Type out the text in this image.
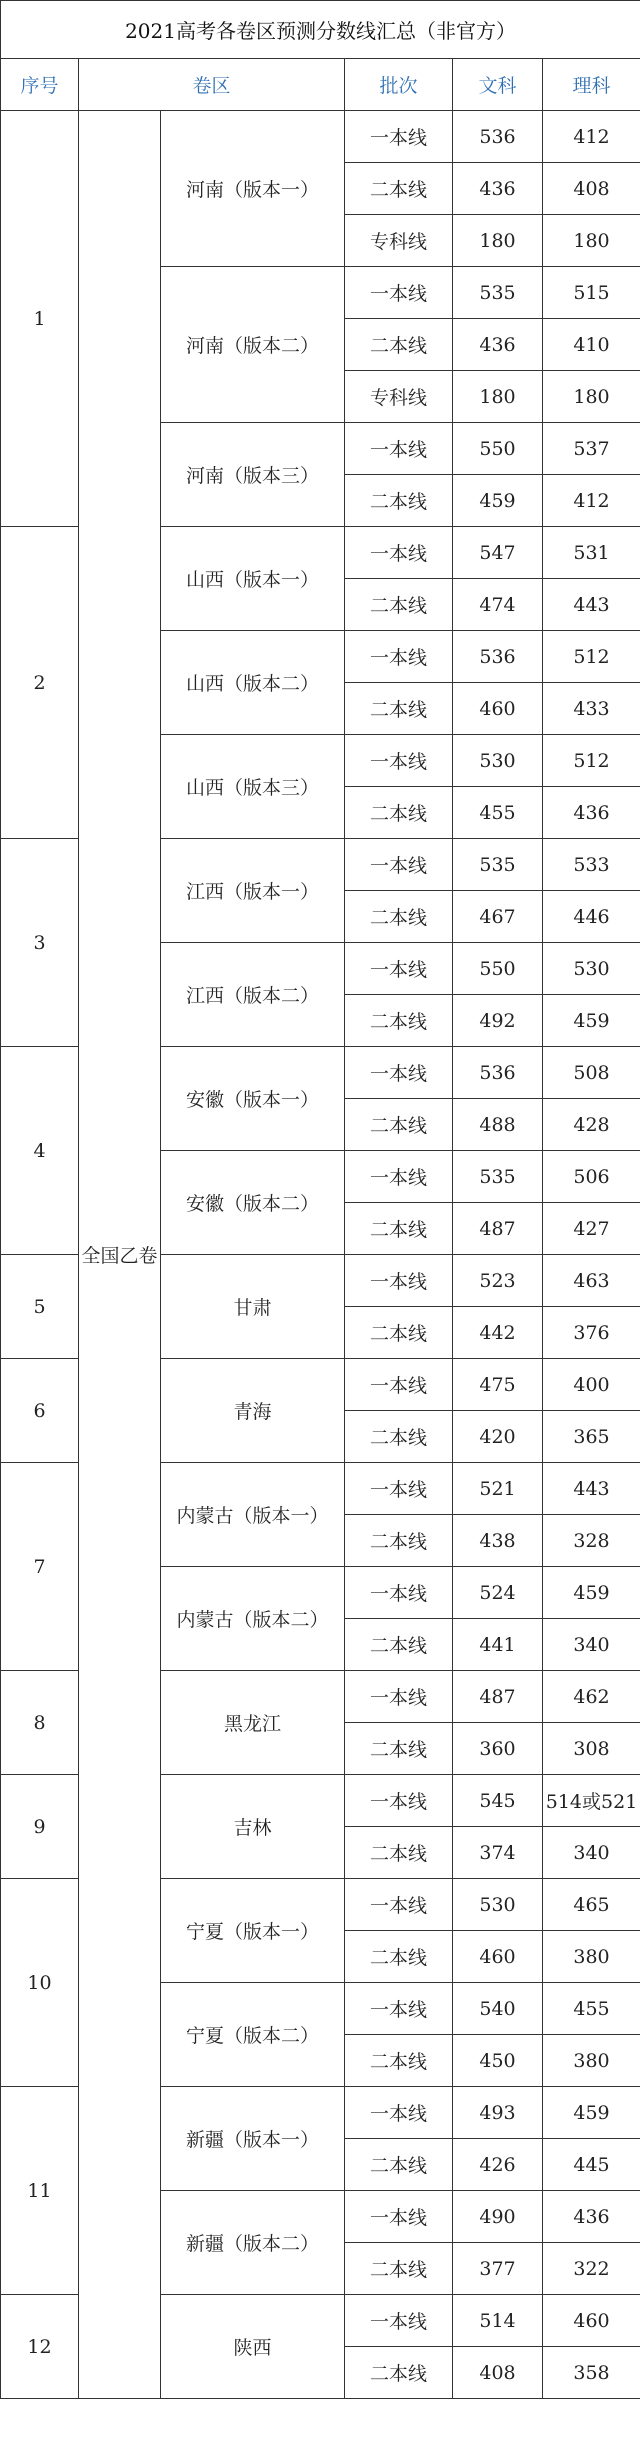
2021高考各卷区预测分数线汇总（非官方）					
序号	卷区		批次	文科	理科
1	全国乙卷	河南（版本一）	一本线	536	412
			二本线	436	408
			专科线	180	180
		河南（版本二）	一本线	535	515
			二本线	436	410
			专科线	180	180
		河南（版本三）	一本线	550	537
			二本线	459	412
2		山西（版本一）	一本线	547	531
			二本线	474	443
		山西（版本二）	一本线	536	512
			二本线	460	433
		山西（版本三）	一本线	530	512
			二本线	455	436
3		江西（版本一）	一本线	535	533
			二本线	467	446
		江西（版本二）	一本线	550	530
			二本线	492	459
4		安徽（版本一）	一本线	536	508
			二本线	488	428
		安徽（版本二）	一本线	535	506
			二本线	487	427
5		甘肃	一本线	523	463
			二本线	442	376
6		青海	一本线	475	400
			二本线	420	365
7		内蒙古（版本一）	一本线	521	443
			二本线	438	328
		内蒙古（版本二）	一本线	524	459
			二本线	441	340
8		黑龙江	一本线	487	462
			二本线	360	308
9		吉林	一本线	545	514或521
			二本线	374	340
10		宁夏（版本一）	一本线	530	465
			二本线	460	380
		宁夏（版本二）	一本线	540	455
			二本线	450	380
11		新疆（版本一）	一本线	493	459
			二本线	426	445
		新疆（版本二）	一本线	490	436
			二本线	377	322
12		陕西	一本线	514	460
			二本线	408	358
